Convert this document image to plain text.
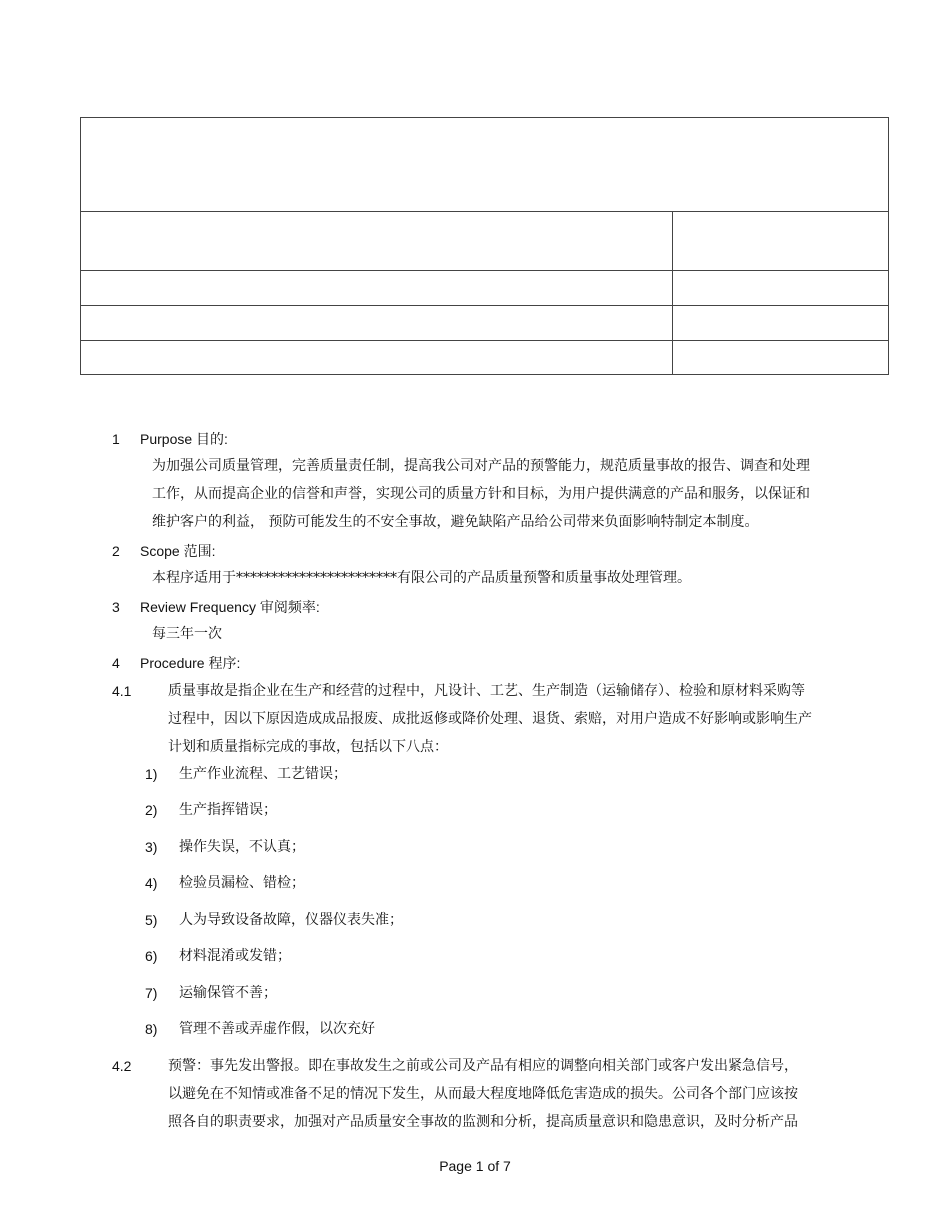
1 Purpose 目的:
为加强公司质量管理，完善质量责任制，提高我公司对产品的预警能力，规范质量事故的报告、调查和处理
工作，从而提高企业的信誉和声誉，实现公司的质量方针和目标，为用户提供满意的产品和服务，以保证和
维护客户的利益， 预防可能发生的不安全事故，避免缺陷产品给公司带来负面影响特制定本制度。
2 Scope 范围:
本程序适用于***********************有限公司的产品质量预警和质量事故处理管理。
3 Review Frequency 审阅频率:
每三年一次
4 Procedure 程序:
4.1	质量事故是指企业在生产和经营的过程中，凡设计、工艺、生产制造（运输储存）、检验和原材料采购等
过程中，因以下原因造成成品报废、成批返修或降价处理、退货、索赔，对用户造成不好影响或影响生产
计划和质量指标完成的事故，包括以下八点：
1) 生产作业流程、工艺错误；
2) 生产指挥错误；
3) 操作失误，不认真；
4) 检验员漏检、错检；
5) 人为导致设备故障，仪器仪表失准；
6) 材料混淆或发错；
7) 运输保管不善；
8) 管理不善或弄虚作假，以次充好
4.2	预警：事先发出警报。即在事故发生之前或公司及产品有相应的调整向相关部门或客户发出紧急信号，
以避免在不知情或准备不足的情况下发生，从而最大程度地降低危害造成的损失。公司各个部门应该按
照各自的职责要求，加强对产品质量安全事故的监测和分析，提高质量意识和隐患意识，及时分析产品
Page 1 of 7
